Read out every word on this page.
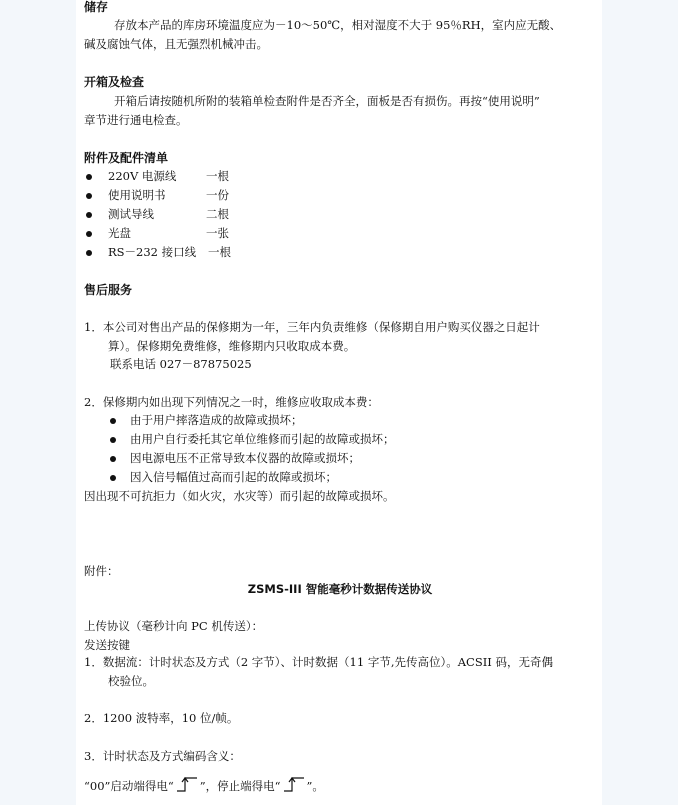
储存
存放本产品的库房环境温度应为－10～50℃，相对湿度不大于 95％RH，室内应无酸、
碱及腐蚀气体，且无强烈机械冲击。
开箱及检查
开箱后请按随机所附的装箱单检查附件是否齐全，面板是否有损伤。再按“使用说明”
章节进行通电检查。
附件及配件清单
220V 电源线	一根
使用说明书	一份
测试导线	二根
光盘	一张
RS－232 接口线 一根
售后服务
1．本公司对售出产品的保修期为一年，三年内负责维修（保修期自用户购买仪器之日起计
算）。保修期免费维修，维修期内只收取成本费。
联系电话 027－87875025
2．保修期内如出现下列情况之一时，维修应收取成本费：
由于用户摔落造成的故障或损坏；
由用户自行委托其它单位维修而引起的故障或损坏；
因电源电压不正常导致本仪器的故障或损坏；
因入信号幅值过高而引起的故障或损坏；
因出现不可抗拒力（如火灾，水灾等）而引起的故障或损坏。
附件：
ZSMS-III 智能毫秒计数据传送协议
上传协议（毫秒计向 PC 机传送）：
发送按键
1．数据流：计时状态及方式（2 字节）、计时数据（11 字节,先传高位）。ACSII 码，无奇偶
校验位。
2．1200 波特率，10 位/帧。
3．计时状态及方式编码含义：
“00”启动端得电“ ”，停止端得电“ ”。
